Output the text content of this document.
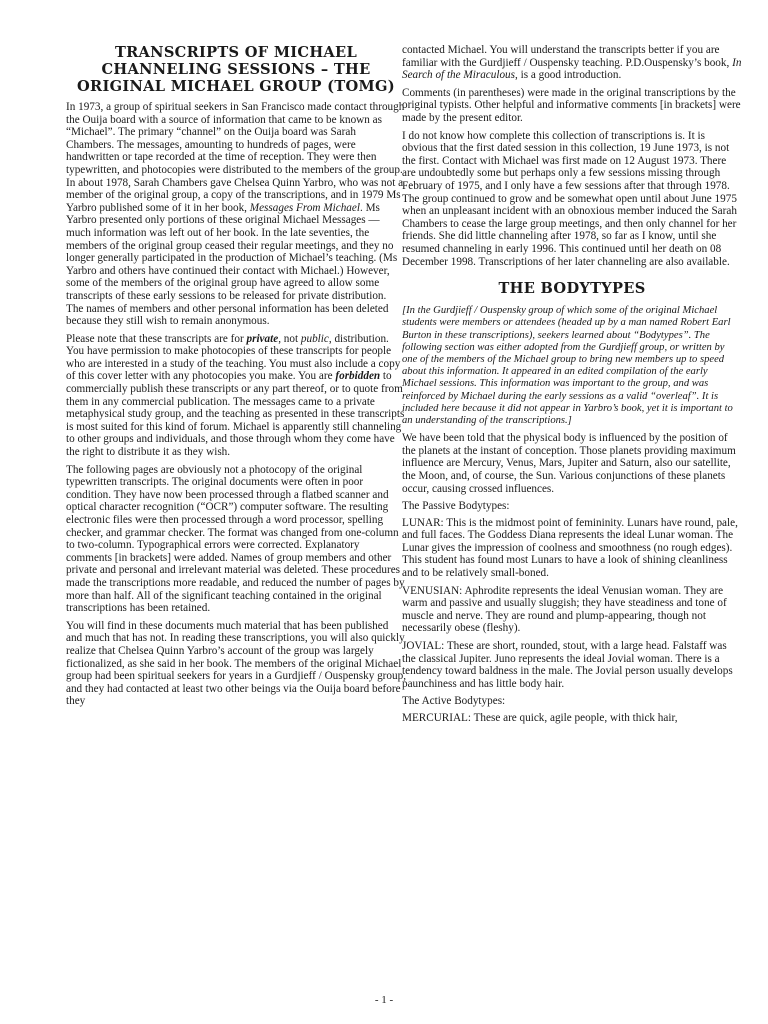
TRANSCRIPTS OF MICHAEL
CHANNELING SESSIONS – THE
ORIGINAL MICHAEL GROUP (TOMG)

In 1973, a group of spiritual seekers in San Francisco made contact through the Ouija board with a source of information that came to be known as “Michael”. The primary “channel” on the Ouija board was Sarah Chambers. The messages, amounting to hundreds of pages, were handwritten or tape recorded at the time of reception. They were then typewritten, and photocopies were distributed to the members of the group. In about 1978, Sarah Chambers gave Chelsea Quinn Yarbro, who was not a member of the original group, a copy of the transcriptions, and in 1979 Ms Yarbro published some of it in her book, Messages From Michael. Ms Yarbro presented only portions of these original Michael Messages — much information was left out of her book. In the late seventies, the members of the original group ceased their regular meetings, and they no longer generally participated in the production of Michael’s teaching. (Ms Yarbro and others have continued their contact with Michael.) However, some of the members of the original group have agreed to allow some transcripts of these early sessions to be released for private distribution. The names of members and other personal information has been deleted because they still wish to remain anonymous.

Please note that these transcripts are for private, not public, distribution. You have permission to make photocopies of these transcripts for people who are interested in a study of the teaching. You must also include a copy of this cover letter with any photocopies you make. You are forbidden to commercially publish these transcripts or any part thereof, or to quote from them in any commercial publication. The messages came to a private metaphysical study group, and the teaching as presented in these transcripts is most suited for this kind of forum. Michael is apparently still channeling to other groups and individuals, and those through whom they come have the right to distribute it as they wish.

The following pages are obviously not a photocopy of the original typewritten transcripts. The original documents were often in poor condition. They have now been processed through a flatbed scanner and optical character recognition (“OCR”) computer software. The resulting electronic files were then processed through a word processor, spelling checker, and grammar checker. The format was changed from one-column to two-column. Typographical errors were corrected. Explanatory comments [in brackets] were added. Names of group members and other private and personal and irrelevant material was deleted. These procedures made the transcriptions more readable, and reduced the number of pages by more than half. All of the significant teaching contained in the original transcriptions has been retained.

You will find in these documents much material that has been published and much that has not. In reading these transcriptions, you will also quickly realize that Chelsea Quinn Yarbro’s account of the group was largely fictionalized, as she said in her book. The members of the original Michael group had been spiritual seekers for years in a Gurdjieff / Ouspensky group, and they had contacted at least two other beings via the Ouija board before they

contacted Michael. You will understand the transcripts better if you are familiar with the Gurdjieff / Ouspensky teaching. P.D.Ouspensky’s book, In Search of the Miraculous, is a good introduction.

Comments (in parentheses) were made in the original transcriptions by the original typists. Other helpful and informative comments [in brackets] were made by the present editor.

I do not know how complete this collection of transcriptions is. It is obvious that the first dated session in this collection, 19 June 1973, is not the first. Contact with Michael was first made on 12 August 1973. There are undoubtedly some but perhaps only a few sessions missing through February of 1975, and I only have a few sessions after that through 1978. The group continued to grow and be somewhat open until about June 1975 when an unpleasant incident with an obnoxious member induced the Sarah Chambers to cease the large group meetings, and then only channel for her friends. She did little channeling after 1978, so far as I know, until she resumed channeling in early 1996. This continued until her death on 08 December 1998. Transcriptions of her later channeling are also available.

THE BODYTYPES

[In the Gurdjieff / Ouspensky group of which some of the original Michael students were members or attendees (headed up by a man named Robert Earl Burton in these transcriptions), seekers learned about “Bodytypes”. The following section was either adopted from the Gurdjieff group, or written by one of the members of the Michael group to bring new members up to speed about this information. It appeared in an edited compilation of the early Michael sessions. This information was important to the group, and was reinforced by Michael during the early sessions as a valid “overleaf”. It is included here because it did not appear in Yarbro’s book, yet it is important to an understanding of the transcriptions.]

We have been told that the physical body is influenced by the position of the planets at the instant of conception. Those planets providing maximum influence are Mercury, Venus, Mars, Jupiter and Saturn, also our satellite, the Moon, and, of course, the Sun. Various conjunctions of these planets occur, causing crossed influences.

The Passive Bodytypes:

LUNAR: This is the midmost point of femininity. Lunars have round, pale, and full faces. The Goddess Diana represents the ideal Lunar woman. The Lunar gives the impression of coolness and smoothness (no rough edges). This student has found most Lunars to have a look of shining cleanliness and to be relatively small-boned.

VENUSIAN: Aphrodite represents the ideal Venusian woman. They are warm and passive and usually sluggish; they have steadiness and tone of muscle and nerve. They are round and plump-appearing, though not necessarily obese (fleshy).

JOVIAL: These are short, rounded, stout, with a large head. Falstaff was the classical Jupiter. Juno represents the ideal Jovial woman. There is a tendency toward baldness in the male. The Jovial person usually develops paunchiness and has little body hair.

The Active Bodytypes:

MERCURIAL: These are quick, agile people, with thick hair,

- 1 -
